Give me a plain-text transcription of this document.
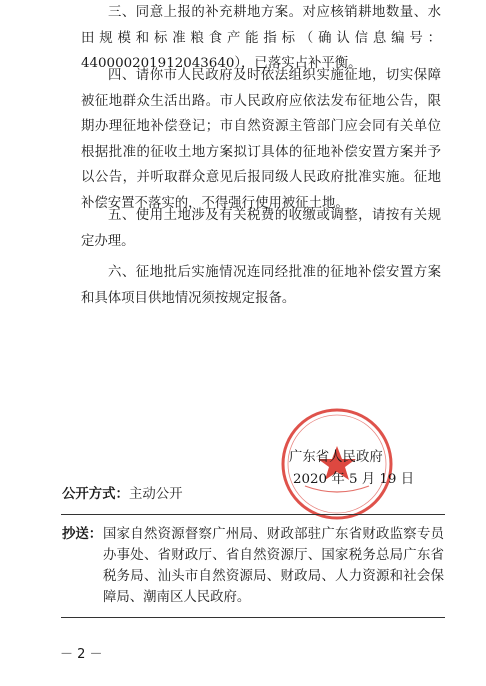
三、同意上报的补充耕地方案。对应核销耕地数量、水田规模和标准粮食产能指标（确认信息编号：440000201912043640），已落实占补平衡。

四、请你市人民政府及时依法组织实施征地，切实保障被征地群众生活出路。市人民政府应依法发布征地公告，限期办理征地补偿登记；市自然资源主管部门应会同有关单位根据批准的征收土地方案拟订具体的征地补偿安置方案并予以公告，并听取群众意见后报同级人民政府批准实施。征地补偿安置不落实的，不得强行使用被征土地。

五、使用土地涉及有关税费的收缴或调整，请按有关规定办理。

六、征地批后实施情况连同经批准的征地补偿安置方案和具体项目供地情况须按规定报备。

广东省人民政府
2020 年 5 月 19 日
公开方式：主动公开
抄送： 国家自然资源督察广州局、财政部驻广东省财政监察专员办事处、省财政厅、省自然资源厅、国家税务总局广东省税务局、汕头市自然资源局、财政局、人力资源和社会保障局、潮南区人民政府。
－ 2 －
